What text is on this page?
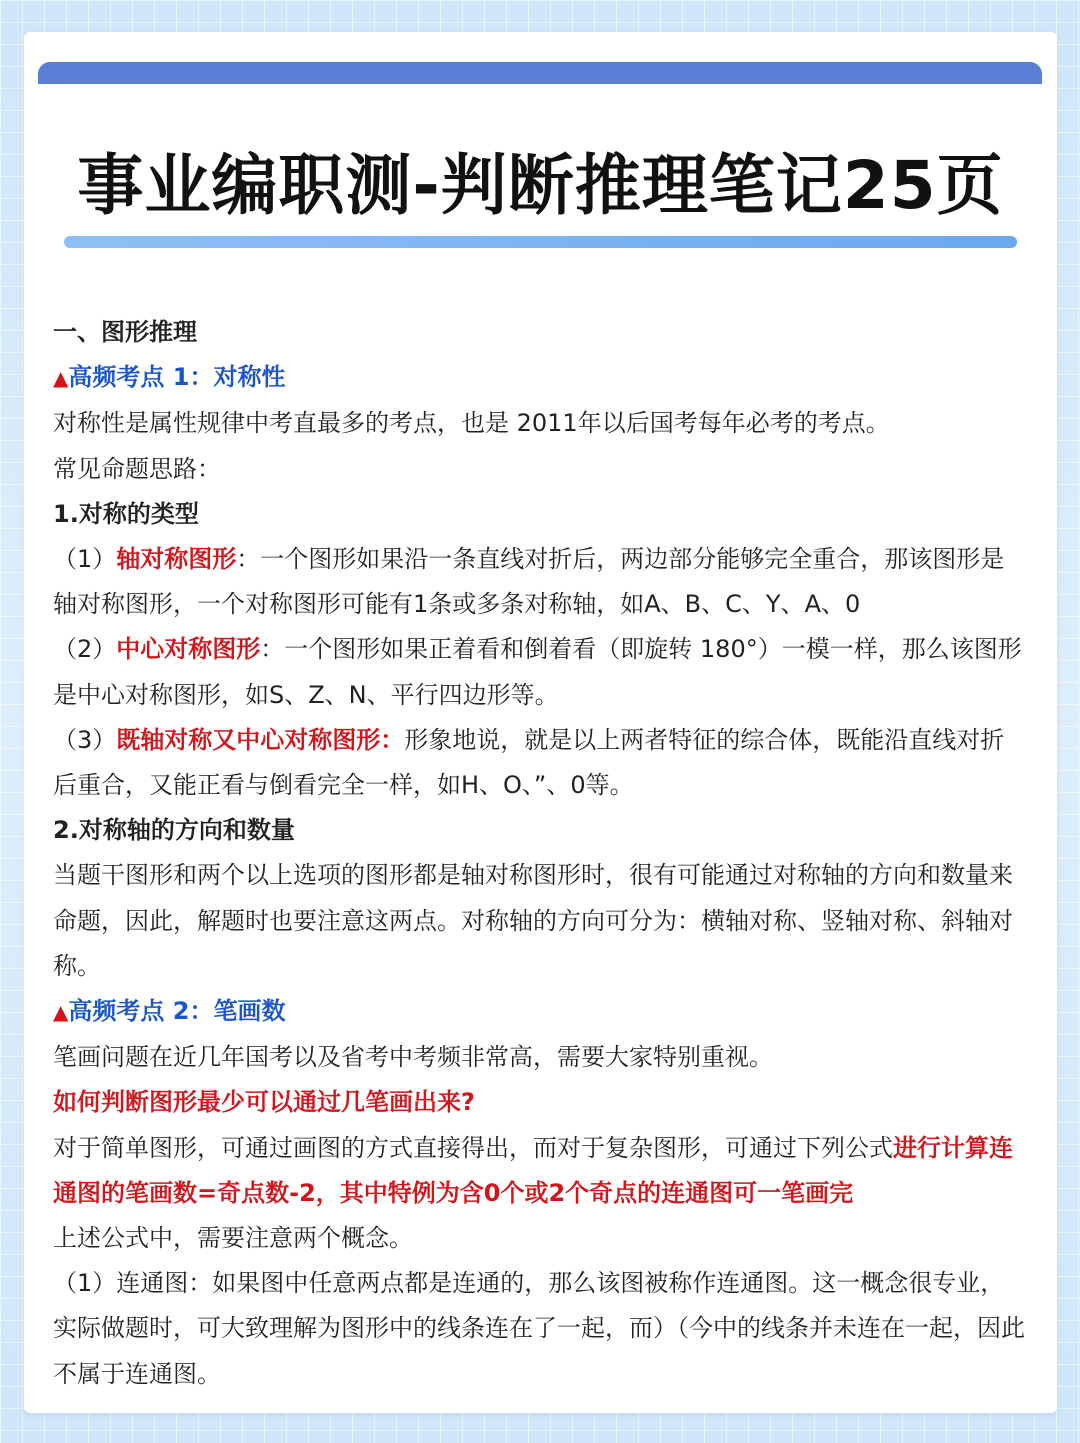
事业编职测-判断推理笔记25页

一、图形推理

▲高频考点 1：对称性

对称性是属性规律中考直最多的考点，也是 2011年以后国考每年必考的考点。

常见命题思路：

1.对称的类型

（1）轴对称图形：一个图形如果沿一条直线对折后，两边部分能够完全重合，那该图形是轴对称图形，一个对称图形可能有1条或多条对称轴，如A、B、C、Y、A、0

（2）中心对称图形：一个图形如果正着看和倒着看（即旋转 180°）一模一样，那么该图形是中心对称图形，如S、Z、N、平行四边形等。

（3）既轴对称又中心对称图形：形象地说，就是以上两者特征的综合体，既能沿直线对折后重合，又能正看与倒看完全一样，如H、O、”、0等。

2.对称轴的方向和数量

当题干图形和两个以上选项的图形都是轴对称图形时，很有可能通过对称轴的方向和数量来命题，因此，解题时也要注意这两点。对称轴的方向可分为：横轴对称、竖轴对称、斜轴对称。

▲高频考点 2：笔画数

笔画问题在近几年国考以及省考中考频非常高，需要大家特别重视。

如何判断图形最少可以通过几笔画出来?

对于简单图形，可通过画图的方式直接得出，而对于复杂图形，可通过下列公式进行计算连通图的笔画数=奇点数-2，其中特例为含0个或2个奇点的连通图可一笔画完

上述公式中，需要注意两个概念。

（1）连通图：如果图中任意两点都是连通的，那么该图被称作连通图。这一概念很专业，实际做题时，可大致理解为图形中的线条连在了一起，而）（今中的线条并未连在一起，因此不属于连通图。
